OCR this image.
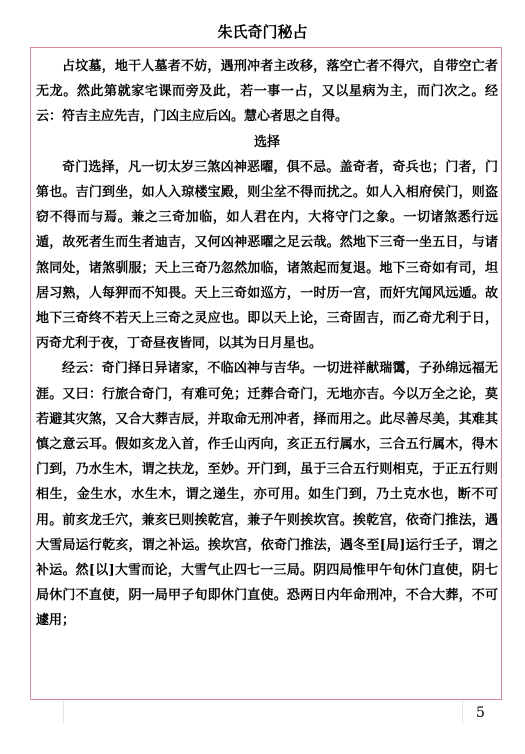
朱氏奇门秘占

占坟墓，地干人墓者不妨，遇刑冲者主改移，落空亡者不得穴，自带空亡者无龙。然此第就家宅课而旁及此，若一事一占，又以星病为主，而门次之。经云：符吉主应先吉，门凶主应后凶。慧心者思之自得。

选择

奇门选择，凡一切太岁三煞凶神恶曜，俱不忌。盖奇者，奇兵也；门者，门第也。吉门到坐，如人入琼楼宝殿，则尘坌不得而扰之。如人入相府侯门，则盗窃不得而与焉。兼之三奇加临，如人君在内，大将守门之象。一切诸煞悉行远遁，故死者生而生者迪吉，又何凶神恶曜之足云哉。然地下三奇一坐五日，与诸煞同处，诸煞驯服；天上三奇乃忽然加临，诸煞起而复退。地下三奇如有司，坦居习熟，人每狎而不知畏。天上三奇如巡方，一时历一宫，而奸宄闻风远遁。故地下三奇终不若天上三奇之灵应也。即以天上论，三奇固吉，而乙奇尤利于日，丙奇尤利于夜，丁奇昼夜皆同，以其为日月星也。

经云：奇门择日异诸家，不临凶神与吉华。一切进祥献瑞霭，子孙绵远福无涯。又曰：行旅合奇门，有难可免；迁葬合奇门，无地亦吉。今以万全之论，莫若避其灾煞，又合大葬吉辰，并取命无刑冲者，择而用之。此尽善尽美，其难其慎之意云耳。假如亥龙入首，作壬山丙向，亥正五行属水，三合五行属木，得木门到，乃水生木，谓之扶龙，至妙。开门到，虽于三合五行则相克，于正五行则相生，金生水，水生木，谓之递生，亦可用。如生门到，乃土克水也，断不可用。前亥龙壬穴，兼亥巳则挨乾宫，兼子午则挨坎宫。挨乾宫，依奇门推法，遇大雪局运行乾亥，谓之补运。挨坎宫，依奇门推法，遇冬至[局]运行壬子，谓之补运。然[以]大雪而论，大雪气止四七一三局。阴四局惟甲午旬休门直使，阴七局休门不直使，阴一局甲子旬即休门直使。恐两日内年命刑冲，不合大葬，不可遽用；

5
